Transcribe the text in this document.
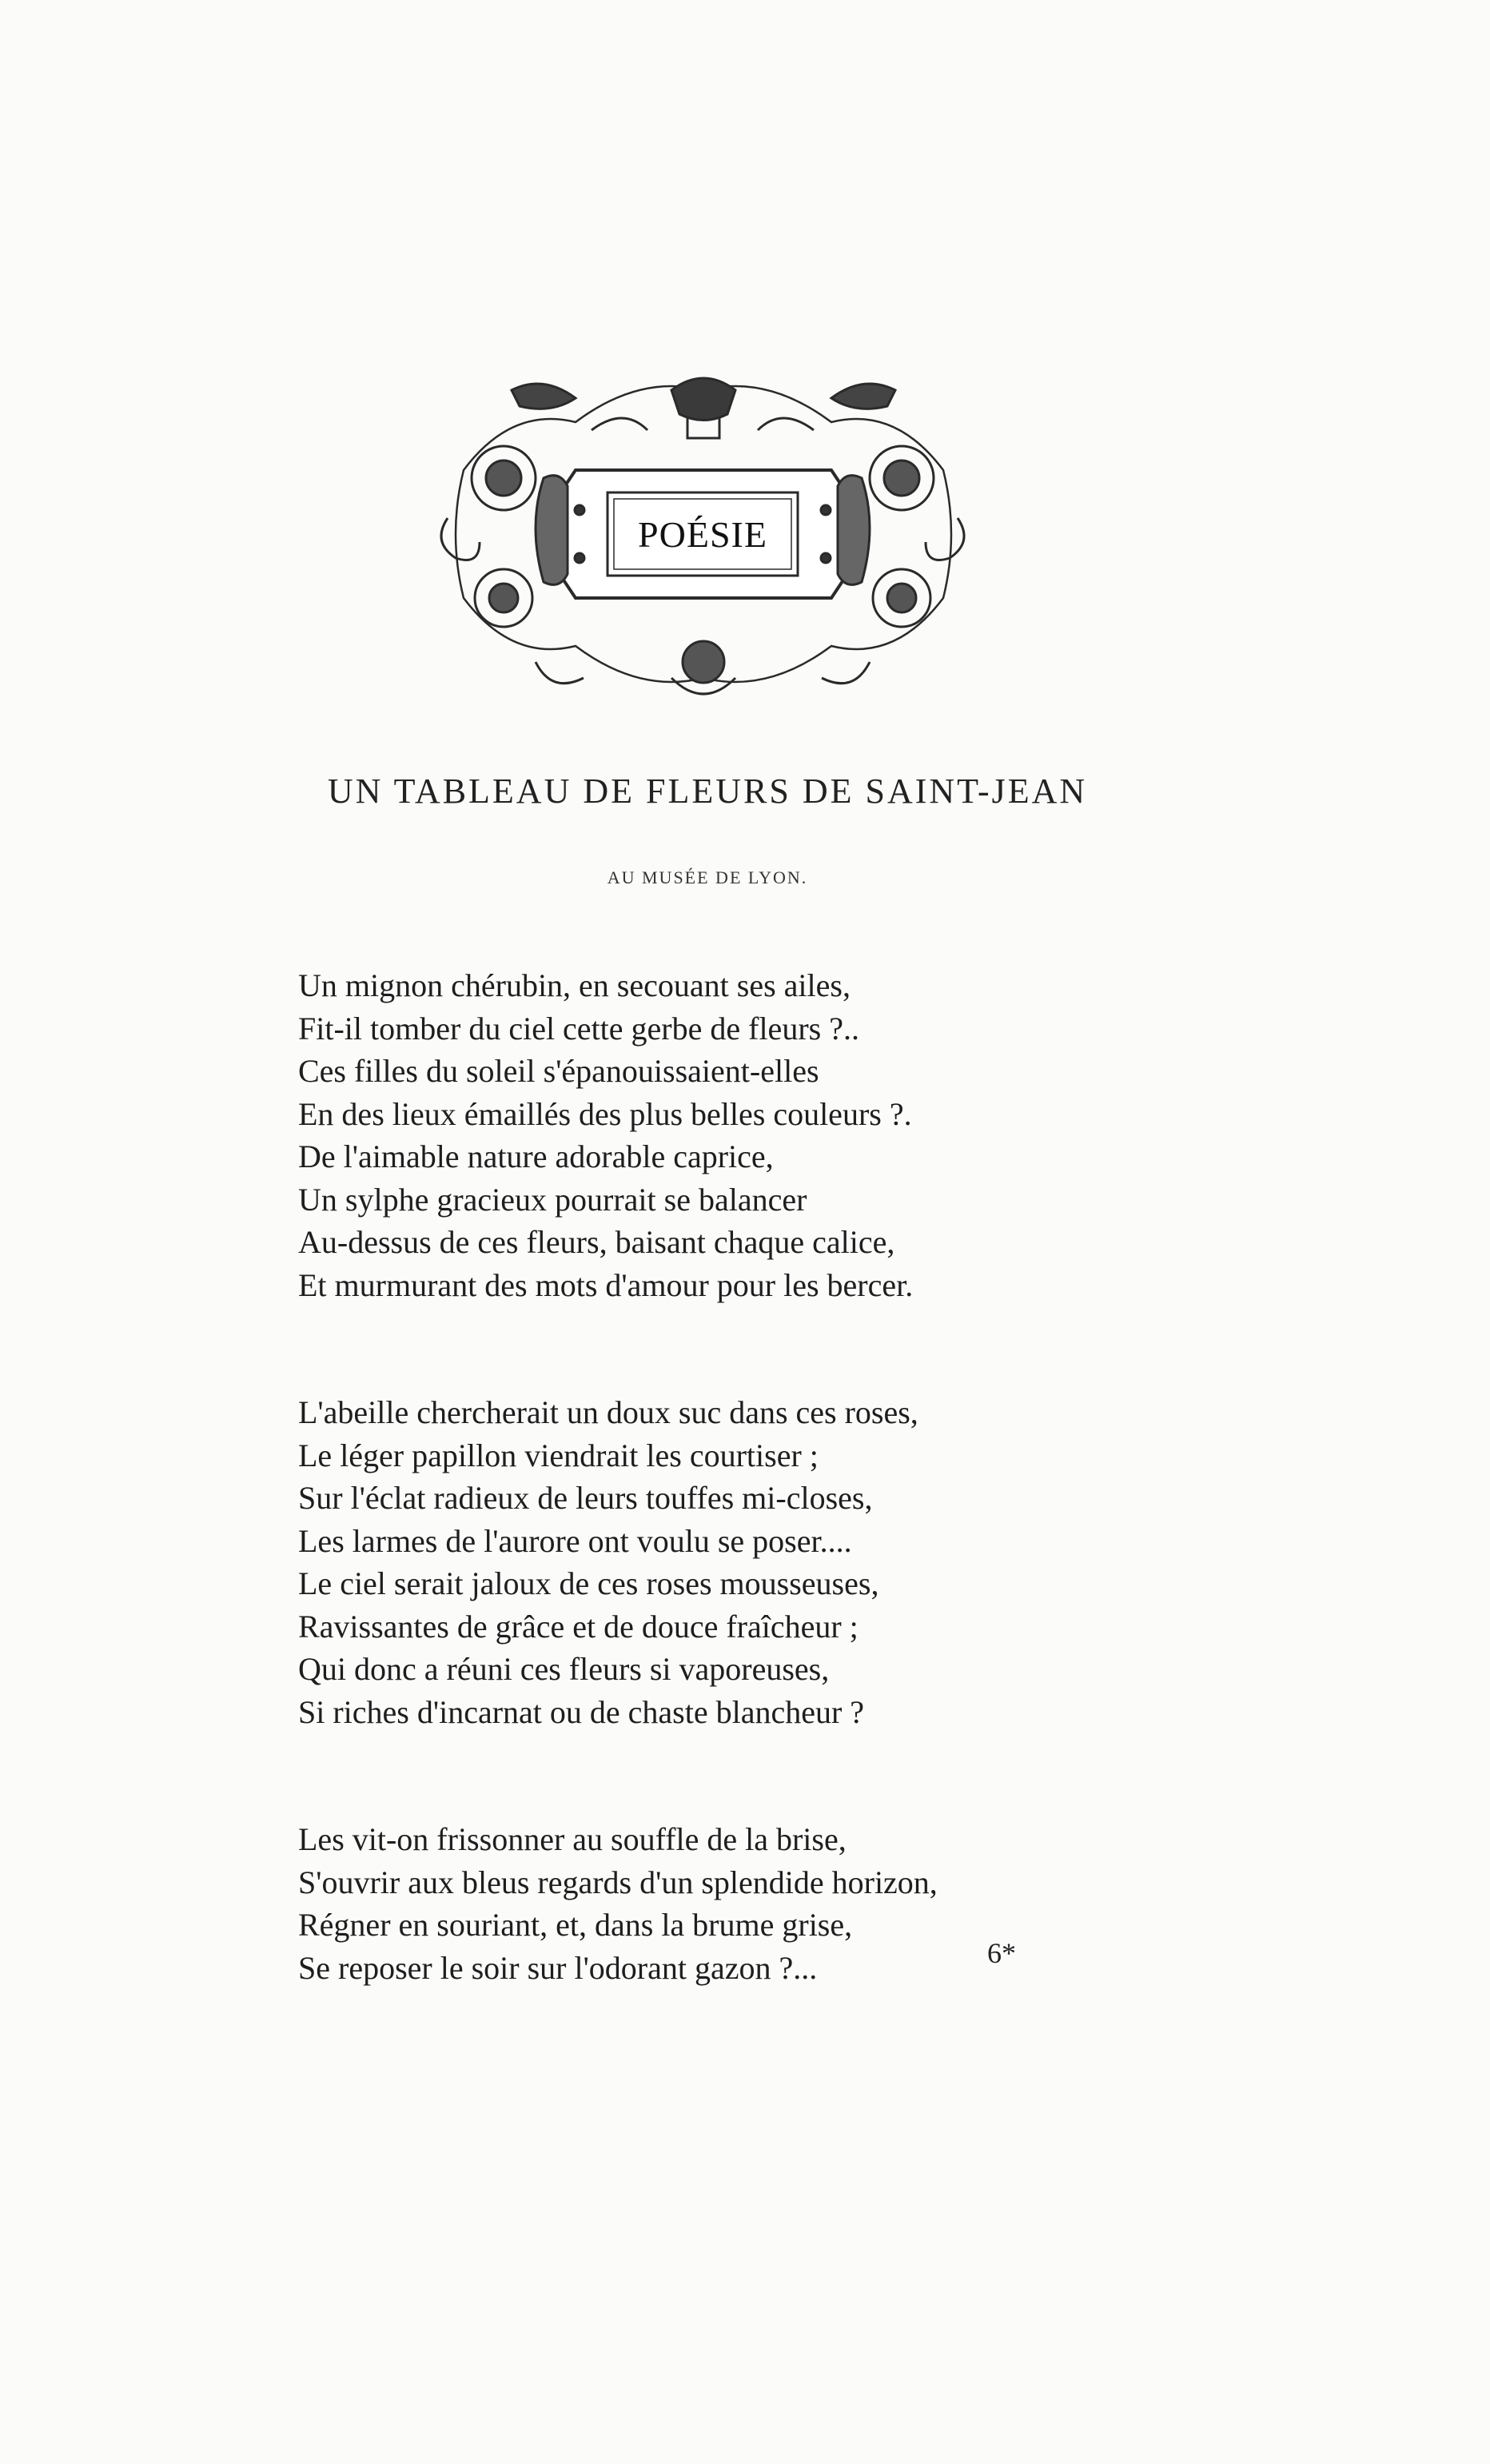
POÉSIE
UN TABLEAU DE FLEURS DE SAINT-JEAN
AU MUSÉE DE LYON.
Un mignon chérubin, en secouant ses ailes,
Fit-il tomber du ciel cette gerbe de fleurs ?..
Ces filles du soleil s'épanouissaient-elles
En des lieux émaillés des plus belles couleurs ?.
De l'aimable nature adorable caprice,
Un sylphe gracieux pourrait se balancer
Au-dessus de ces fleurs, baisant chaque calice,
Et murmurant des mots d'amour pour les bercer.
L'abeille chercherait un doux suc dans ces roses,
Le léger papillon viendrait les courtiser ;
Sur l'éclat radieux de leurs touffes mi-closes,
Les larmes de l'aurore ont voulu se poser....
Le ciel serait jaloux de ces roses mousseuses,
Ravissantes de grâce et de douce fraîcheur ;
Qui donc a réuni ces fleurs si vaporeuses,
Si riches d'incarnat ou de chaste blancheur ?
Les vit-on frissonner au souffle de la brise,
S'ouvrir aux bleus regards d'un splendide horizon,
Régner en souriant, et, dans la brume grise,
Se reposer le soir sur l'odorant gazon ?...	6*
